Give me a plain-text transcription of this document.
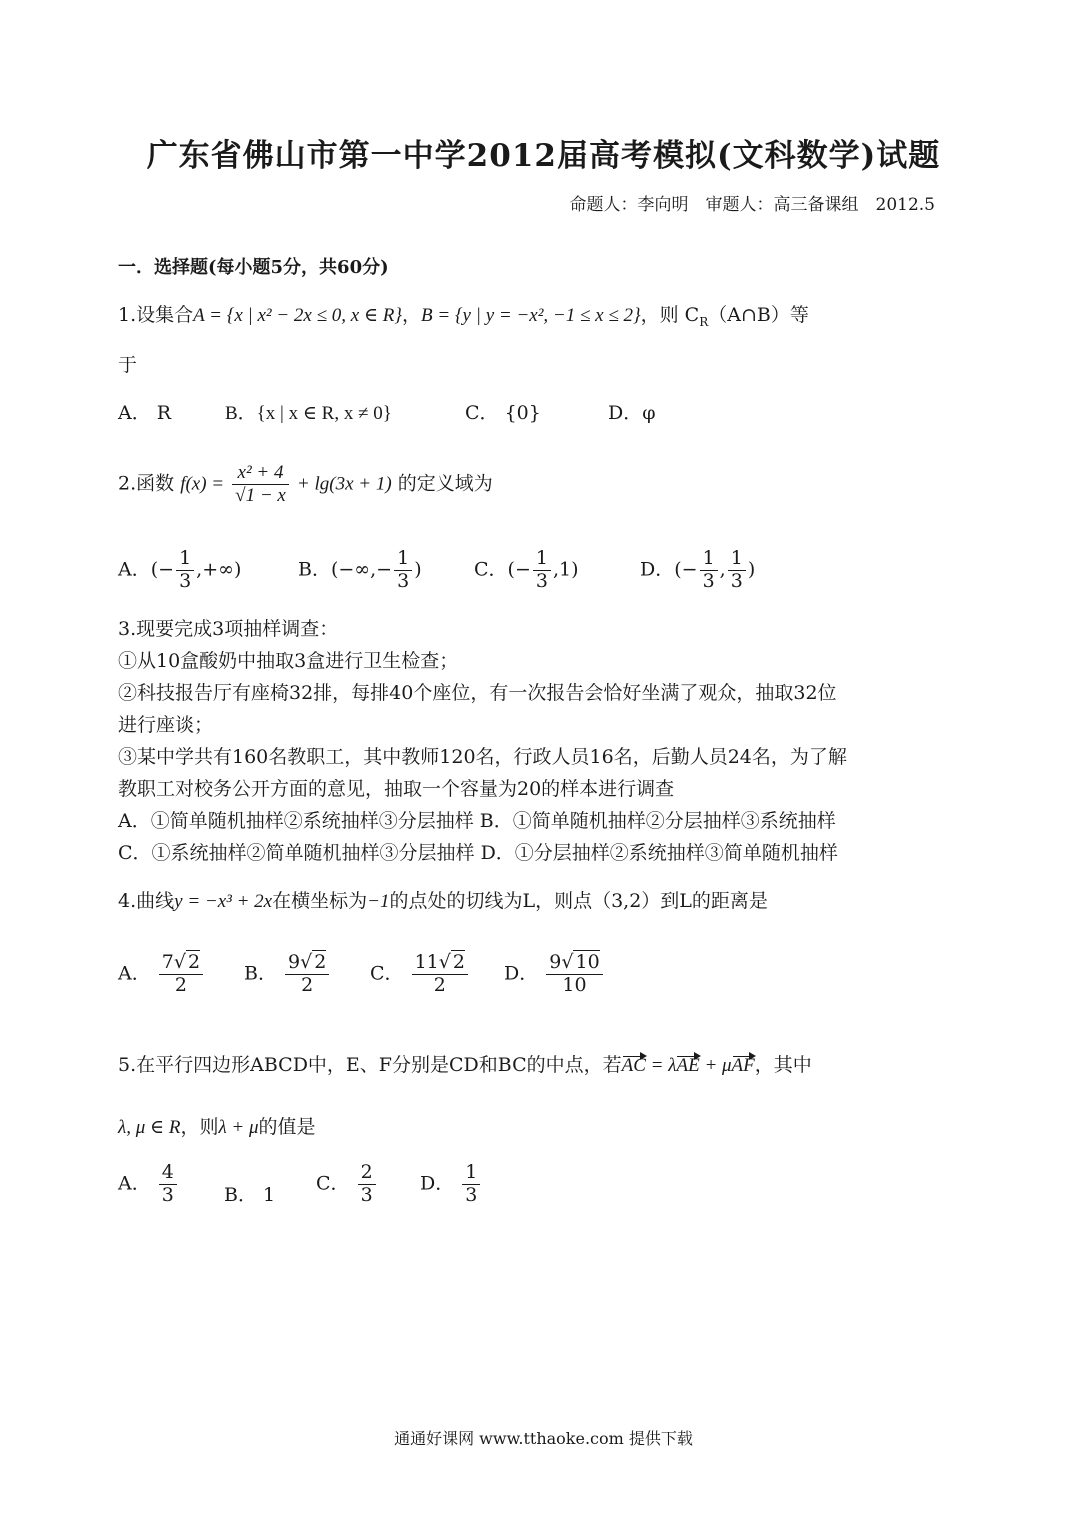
广东省佛山市第一中学2012届高考模拟(文科数学)试题
命题人：李向明　审题人：高三备课组　2012.5
一．选择题(每小题5分，共60分)
1.设集合A = {x | x² − 2x ≤ 0, x ∈ R}，B = {y | y = −x², −1 ≤ x ≤ 2}，则 $C_R(A\cap B)$等
于
A． R	B．{x | x ∈ R, x ≠ 0}	C． {0}	D．φ
2.函数 $f(x) = \frac{\text{x² + 4}}{√1 - x} + \lg(3x + 1)$ 的定义域为
A．(− $\frac{1}{3}$ ,+∞)	B．(−∞,− $\frac{1}{3}$ )	C．(− $\frac{1}{3} ,1$)	D．(− $\frac{1}{3}$ , $\frac{1}{3}$ )
3.现要完成3项抽样调查：
①从10盒酸奶中抽取3盒进行卫生检查；
②科技报告厅有座椅32排，每排40个座位，有一次报告会恰好坐满了观众，抽取32位
进行座谈；
③某中学共有160名教职工，其中教师120名，行政人员16名，后勤人员24名，为了解
教职工对校务公开方面的意见，抽取一个容量为20的样本进行调查
A．①简单随机抽样②系统抽样③分层抽样 B．①简单随机抽样②分层抽样③系统抽样
C．①系统抽样②简单随机抽样③分层抽样 D．①分层抽样②系统抽样③简单随机抽样
4.曲线y = −x³ + 2x在横坐标为−1的点处的切线为L，则点（3,2）到L的距离是
A． $\frac{7√ 2}{2}$ B． $\frac{9√ 2}{2}$ C． $\frac{11√ 2}{2}$ D． $\frac{9√ 10}{10}$
5.在平行四边形ABCD中，E、F分别是CD和BC的中点，若AC = λAE + μAF，其中
λ, μ ∈ R，则λ + μ的值是
A． $\frac{4}{3}$ B． 1
C． $\frac{2}{3}$ D． $\frac{1}{3}$
通通好课网 www.tthaoke.com 提供下载
